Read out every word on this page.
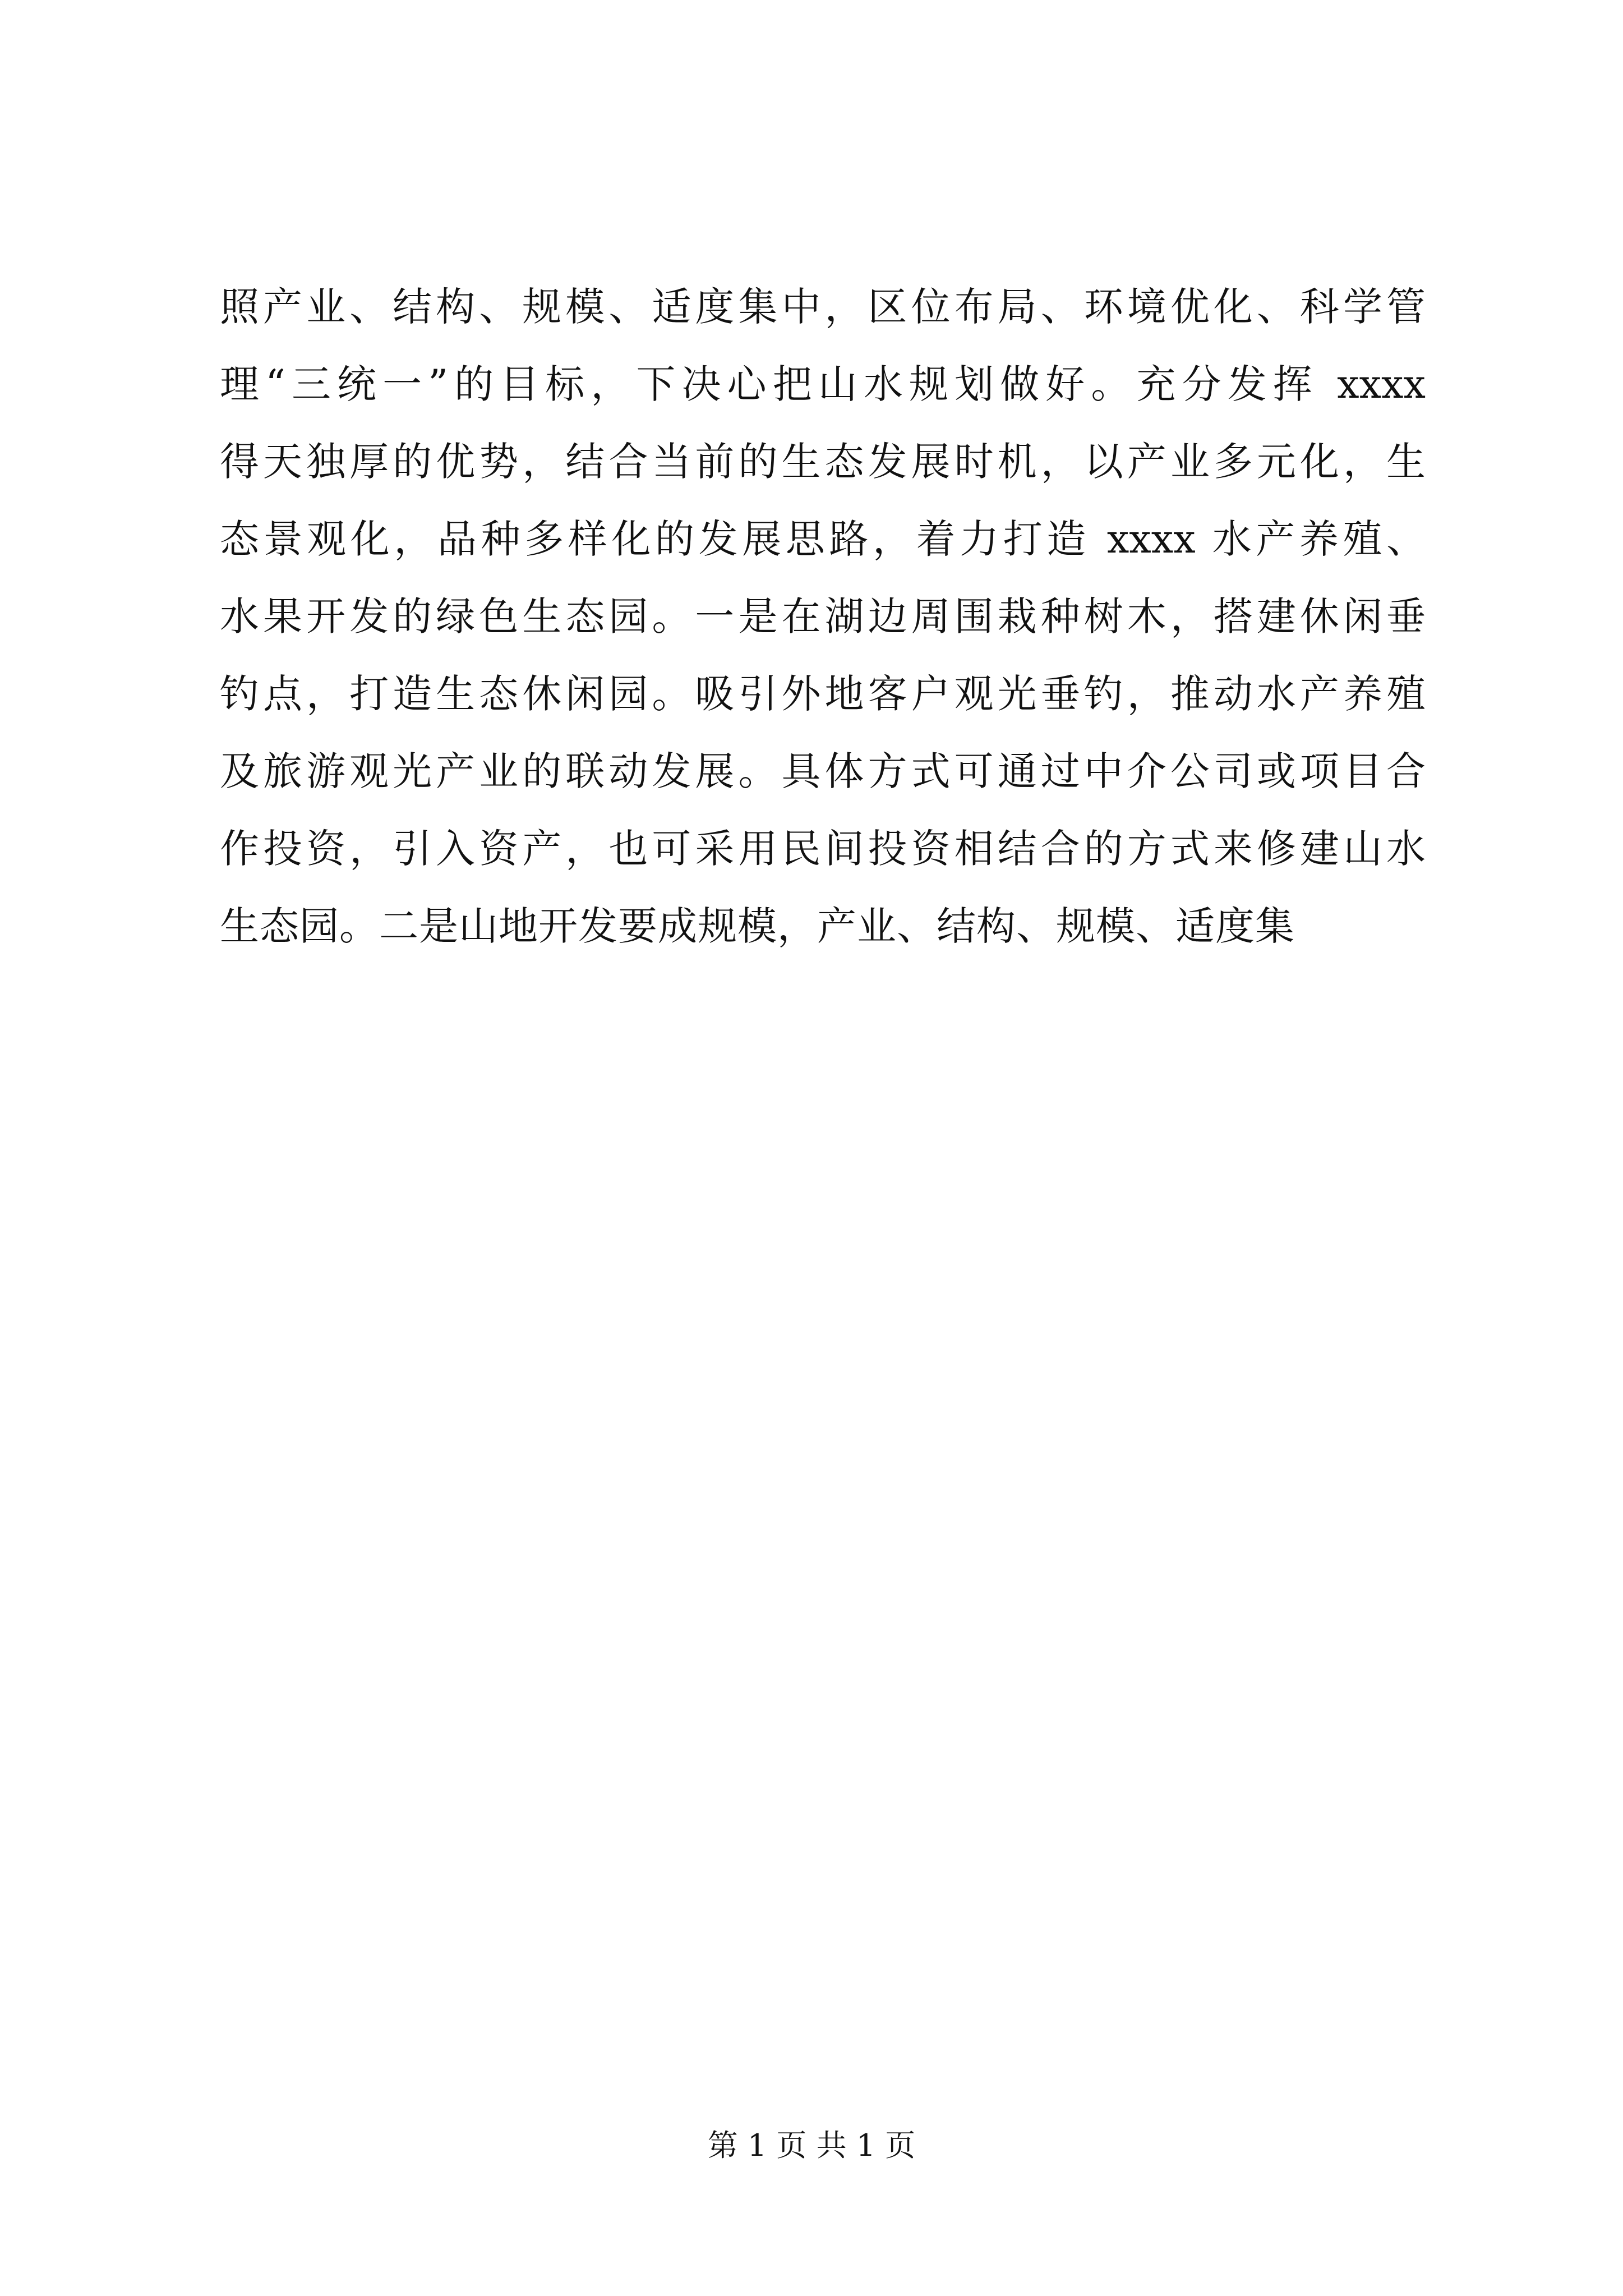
照产业、结构、规模、适度集中，区位布局、环境优化、科学管
理“三统一”的目标，下决心把山水规划做好。充分发挥 xxxx
得天独厚的优势，结合当前的生态发展时机，以产业多元化，生
态景观化，品种多样化的发展思路，着力打造 xxxx 水产养殖、
水果开发的绿色生态园。一是在湖边周围栽种树木，搭建休闲垂
钓点，打造生态休闲园。吸引外地客户观光垂钓，推动水产养殖
及旅游观光产业的联动发展。具体方式可通过中介公司或项目合
作投资，引入资产，也可采用民间投资相结合的方式来修建山水
生态园。二是山地开发要成规模，产业、结构、规模、适度集
第 1 页 共 1 页
